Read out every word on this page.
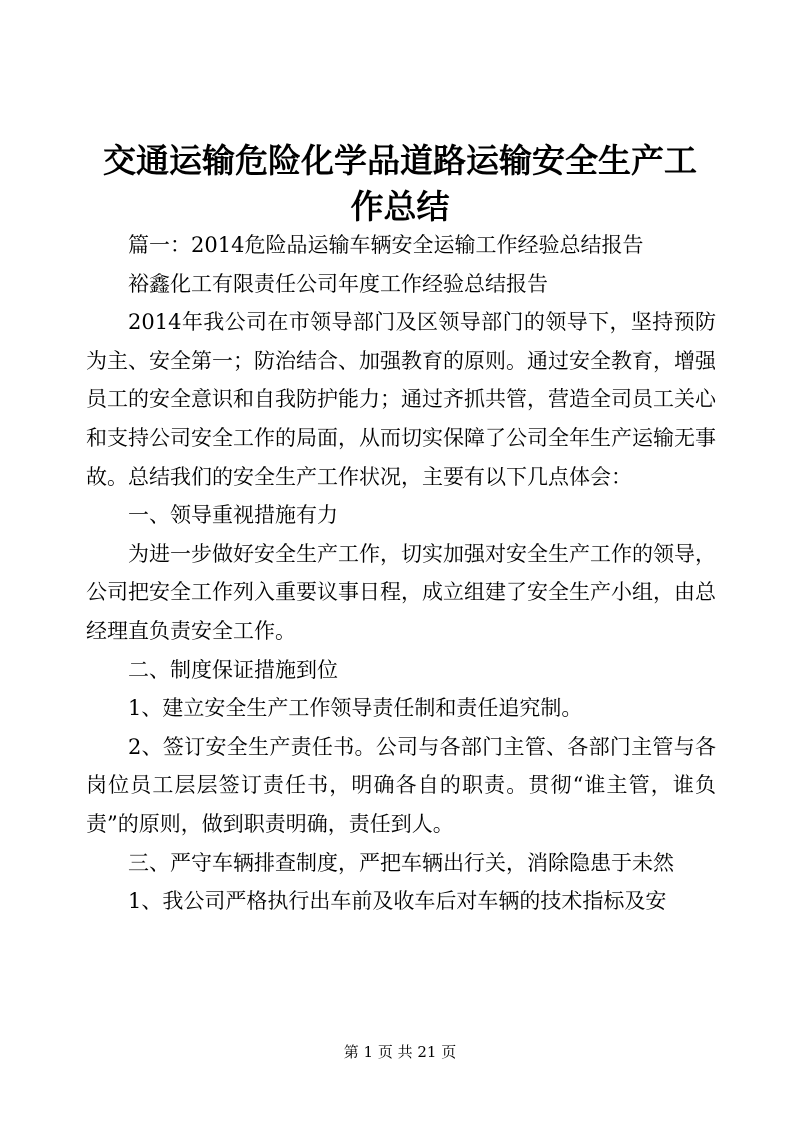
交通运输危险化学品道路运输安全生产工作总结

篇一：2014危险品运输车辆安全运输工作经验总结报告

裕鑫化工有限责任公司年度工作经验总结报告

2014年我公司在市领导部门及区领导部门的领导下，坚持预防为主、安全第一；防治结合、加强教育的原则。通过安全教育，增强员工的安全意识和自我防护能力；通过齐抓共管，营造全司员工关心和支持公司安全工作的局面，从而切实保障了公司全年生产运输无事故。总结我们的安全生产工作状况，主要有以下几点体会：

一、领导重视措施有力

为进一步做好安全生产工作，切实加强对安全生产工作的领导，公司把安全工作列入重要议事日程，成立组建了安全生产小组，由总经理直负责安全工作。

二、制度保证措施到位

1、建立安全生产工作领导责任制和责任追究制。

2、签订安全生产责任书。公司与各部门主管、各部门主管与各岗位员工层层签订责任书，明确各自的职责。贯彻“谁主管，谁负责”的原则，做到职责明确，责任到人。

三、严守车辆排查制度，严把车辆出行关，消除隐患于未然

1、我公司严格执行出车前及收车后对车辆的技术指标及安

第 1 页 共 21 页
